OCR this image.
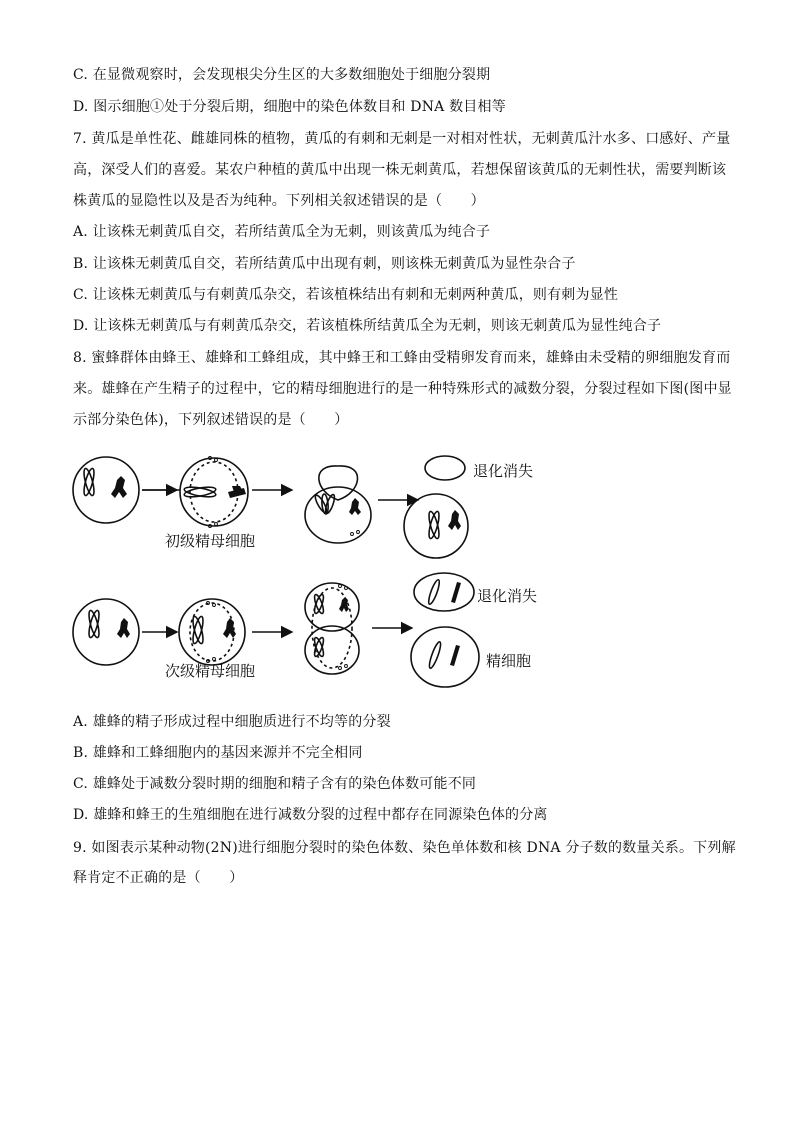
C. 在显微观察时，会发现根尖分生区的大多数细胞处于细胞分裂期
D. 图示细胞①处于分裂后期，细胞中的染色体数目和 DNA 数目相等
7. 黄瓜是单性花、雌雄同株的植物，黄瓜的有刺和无刺是一对相对性状，无刺黄瓜汁水多、口感好、产量
高，深受人们的喜爱。某农户种植的黄瓜中出现一株无刺黄瓜，若想保留该黄瓜的无刺性状，需要判断该
株黄瓜的显隐性以及是否为纯种。下列相关叙述错误的是（　　）
A. 让该株无刺黄瓜自交，若所结黄瓜全为无刺，则该黄瓜为纯合子
B. 让该株无刺黄瓜自交，若所结黄瓜中出现有刺，则该株无刺黄瓜为显性杂合子
C. 让该株无刺黄瓜与有刺黄瓜杂交，若该植株结出有刺和无刺两种黄瓜，则有刺为显性
D. 让该株无刺黄瓜与有刺黄瓜杂交，若该植株所结黄瓜全为无刺，则该无刺黄瓜为显性纯合子
8. 蜜蜂群体由蜂王、雄蜂和工蜂组成，其中蜂王和工蜂由受精卵发育而来，雄蜂由未受精的卵细胞发育而
来。雄蜂在产生精子的过程中，它的精母细胞进行的是一种特殊形式的减数分裂，分裂过程如下图(图中显
示部分染色体)，下列叙述错误的是（　　）
初级精母细胞
次级精母细胞
退化消失
退化消失
精细胞
A. 雄蜂的精子形成过程中细胞质进行不均等的分裂
B. 雄蜂和工蜂细胞内的基因来源并不完全相同
C. 雄蜂处于减数分裂时期的细胞和精子含有的染色体数可能不同
D. 雄蜂和蜂王的生殖细胞在进行减数分裂的过程中都存在同源染色体的分离
9. 如图表示某种动物(2N)进行细胞分裂时的染色体数、染色单体数和核 DNA 分子数的数量关系。下列解
释肯定不正确的是（　　）
